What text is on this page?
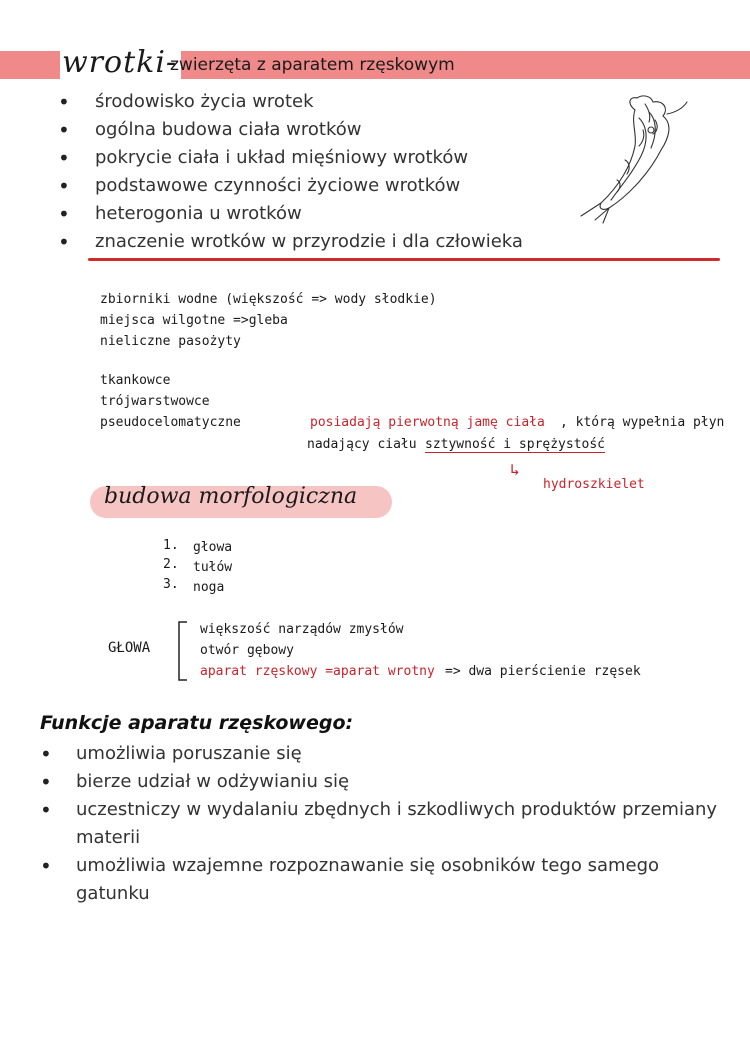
wrotki-
zwierzęta z aparatem rzęskowym
• środowisko życia wrotek
• ogólna budowa ciała wrotków
• pokrycie ciała i układ mięśniowy wrotków
• podstawowe czynności życiowe wrotków
• heterogonia u wrotków
• znaczenie wrotków w przyrodzie i dla człowieka
zbiorniki wodne (większość => wody słodkie)
miejsca wilgotne =>gleba
nieliczne pasożyty
tkankowce
trójwarstwowce
pseudocelomatyczne	posiadają pierwotną jamę ciała , którą wypełnia płyn
nadający ciału sztywność i sprężystość
↳
hydroszkielet
budowa morfologiczna
1. głowa
2. tułów
3. noga
GŁOWA
większość narządów zmysłów
otwór gębowy
aparat rzęskowy =aparat wrotny => dwa pierścienie rzęsek
Funkcje aparatu rzęskowego:
• umożliwia poruszanie się
• bierze udział w odżywianiu się
• uczestniczy w wydalaniu zbędnych i szkodliwych produktów przemiany materii
• umożliwia wzajemne rozpoznawanie się osobników tego samego gatunku
